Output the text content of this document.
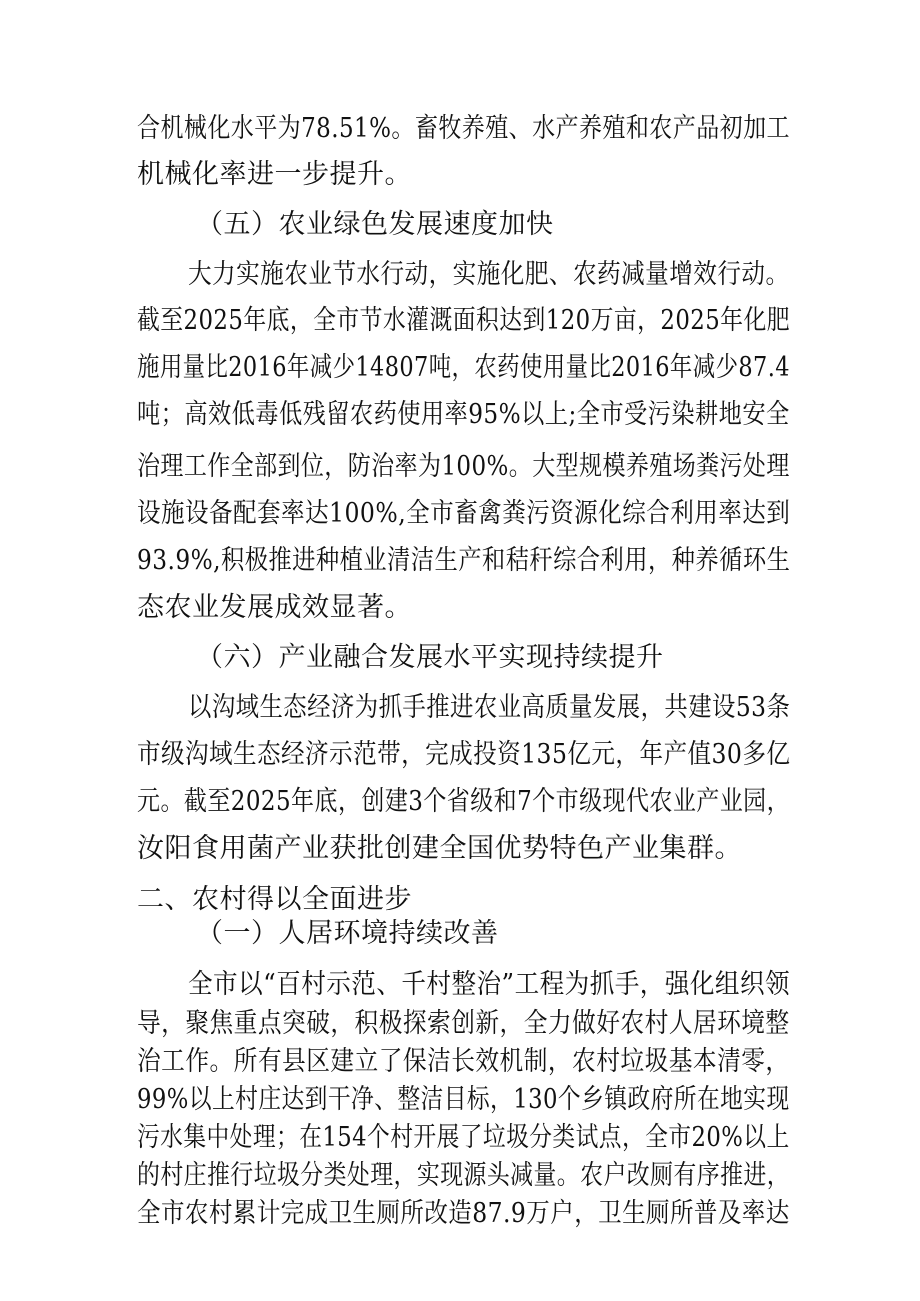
合机械化水平为78.51%。畜牧养殖、水产养殖和农产品初加工
机械化率进一步提升。
（五）农业绿色发展速度加快
大力实施农业节水行动，实施化肥、农药减量增效行动。
截至2025年底，全市节水灌溉面积达到120万亩，2025年化肥
施用量比2016年减少14807吨，农药使用量比2016年减少87.4
吨；高效低毒低残留农药使用率95%以上;全市受污染耕地安全
治理工作全部到位，防治率为100%。大型规模养殖场粪污处理
设施设备配套率达100%,全市畜禽粪污资源化综合利用率达到
93.9%,积极推进种植业清洁生产和秸秆综合利用，种养循环生
态农业发展成效显著。
（六）产业融合发展水平实现持续提升
以沟域生态经济为抓手推进农业高质量发展，共建设53条
市级沟域生态经济示范带，完成投资135亿元，年产值30多亿
元。截至2025年底，创建3个省级和7个市级现代农业产业园，
汝阳食用菌产业获批创建全国优势特色产业集群。
二、农村得以全面进步
（一）人居环境持续改善
全市以“百村示范、千村整治”工程为抓手，强化组织领
导，聚焦重点突破，积极探索创新，全力做好农村人居环境整
治工作。所有县区建立了保洁长效机制，农村垃圾基本清零，
99%以上村庄达到干净、整洁目标，130个乡镇政府所在地实现
污水集中处理；在154个村开展了垃圾分类试点，全市20%以上
的村庄推行垃圾分类处理，实现源头减量。农户改厕有序推进，
全市农村累计完成卫生厕所改造87.9万户，卫生厕所普及率达
